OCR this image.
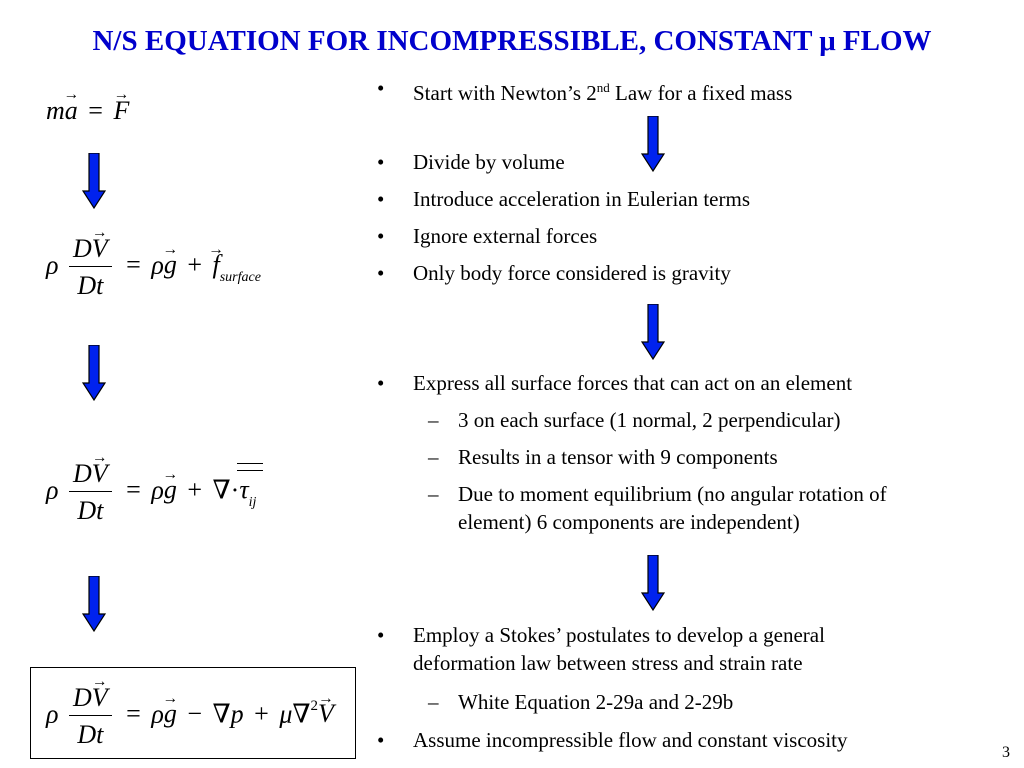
N/S EQUATION FOR INCOMPRESSIBLE, CONSTANT μ FLOW
m→ a = → F
ρ $\frac{D\to V}{Dt} = \rho\to g$ + → $f_{surface}$
ρ $\frac{D\to V}{Dt} = \rho\to g + \nabla\cdot\tau_{ij}$
ρ $\frac{D\to V}{Dt} = \rho\to g - \nabla p + \mu\nabla^2\to V$
• Start with Newton’s 2nd Law for a fixed mass
• Divide by volume
• Introduce acceleration in Eulerian terms
• Ignore external forces
• Only body force considered is gravity
• Express all surface forces that can act on an element
– 3 on each surface (1 normal, 2 perpendicular)
– Results in a tensor with 9 components
– Due to moment equilibrium (no angular rotation of
element) 6 components are independent)
• Employ a Stokes’ postulates to develop a general
deformation law between stress and strain rate
– White Equation 2-29a and 2-29b
• Assume incompressible flow and constant viscosity
3
